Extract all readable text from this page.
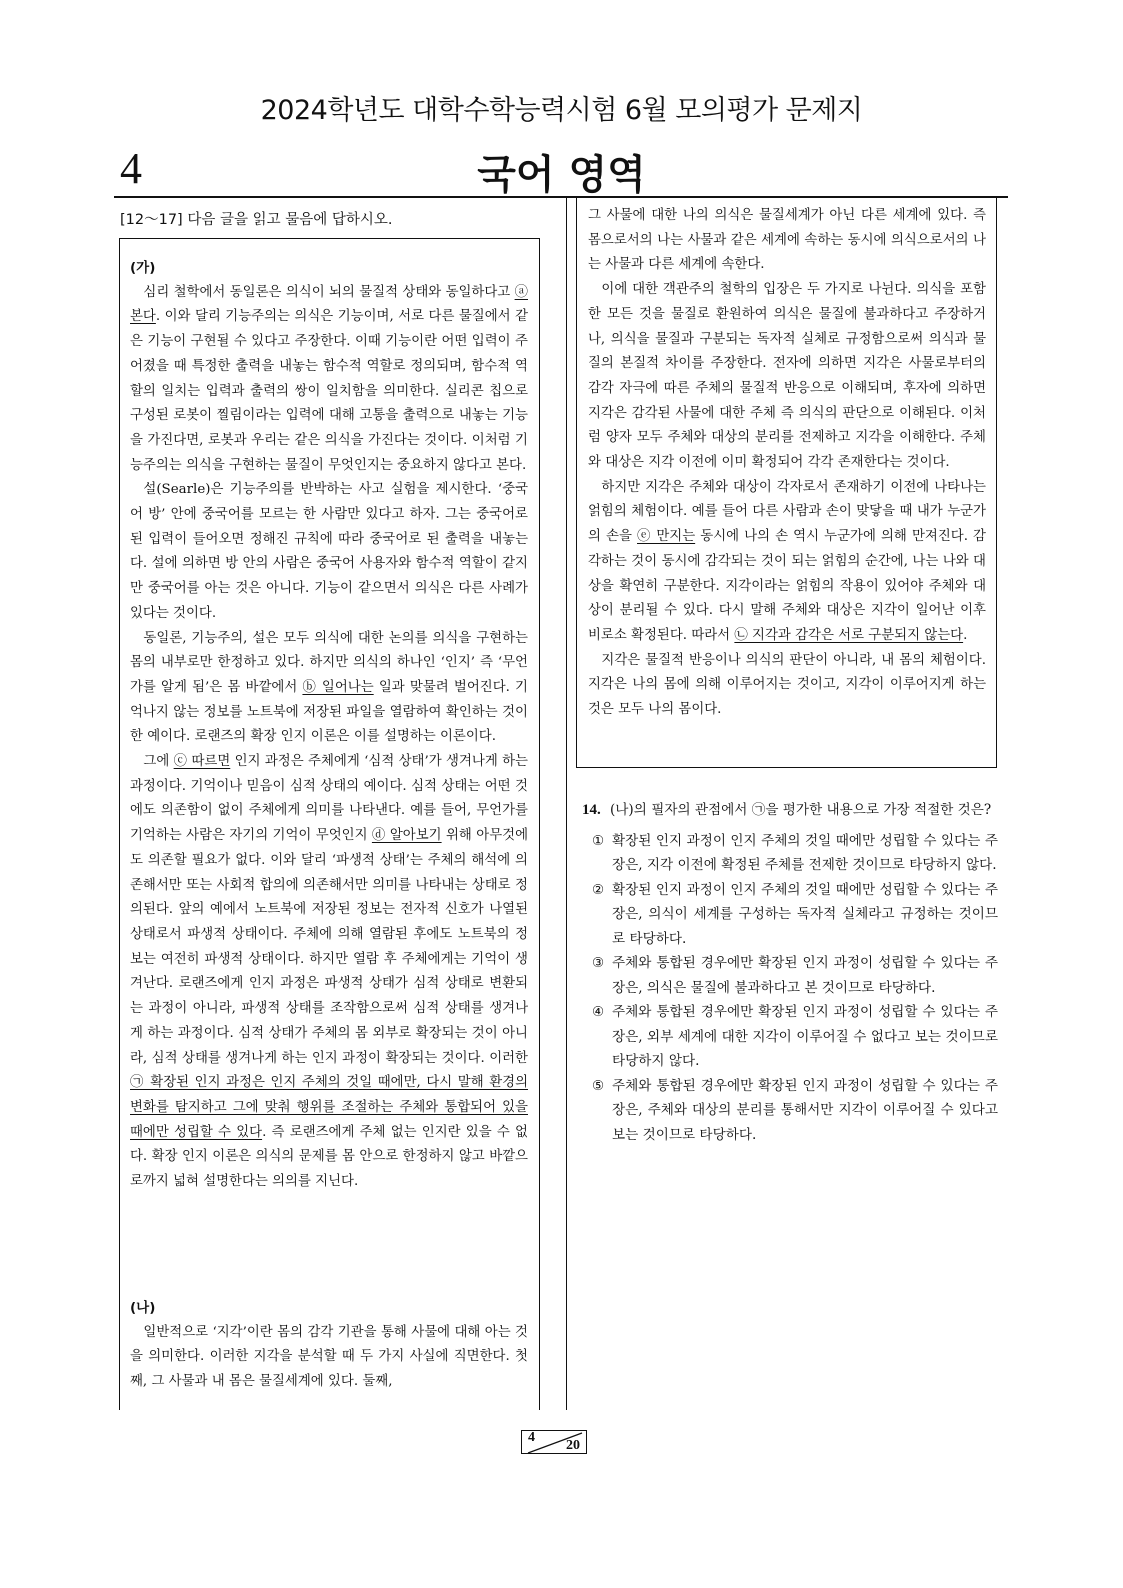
2024학년도 대학수학능력시험 6월 모의평가 문제지
4	국어 영역
[12～17] 다음 글을 읽고 물음에 답하시오.
(가)

심리 철학에서 동일론은 의식이 뇌의 물질적 상태와 동일하다고 ⓐ 본다. 이와 달리 기능주의는 의식은 기능이며, 서로 다른 물질에서 같은 기능이 구현될 수 있다고 주장한다. 이때 기능이란 어떤 입력이 주어졌을 때 특정한 출력을 내놓는 함수적 역할로 정의되며, 함수적 역할의 일치는 입력과 출력의 쌍이 일치함을 의미한다. 실리콘 칩으로 구성된 로봇이 찔림이라는 입력에 대해 고통을 출력으로 내놓는 기능을 가진다면, 로봇과 우리는 같은 의식을 가진다는 것이다. 이처럼 기능주의는 의식을 구현하는 물질이 무엇인지는 중요하지 않다고 본다.

설(Searle)은 기능주의를 반박하는 사고 실험을 제시한다. ‘중국어 방’ 안에 중국어를 모르는 한 사람만 있다고 하자. 그는 중국어로 된 입력이 들어오면 정해진 규칙에 따라 중국어로 된 출력을 내놓는다. 설에 의하면 방 안의 사람은 중국어 사용자와 함수적 역할이 같지만 중국어를 아는 것은 아니다. 기능이 같으면서 의식은 다른 사례가 있다는 것이다.

동일론, 기능주의, 설은 모두 의식에 대한 논의를 의식을 구현하는 몸의 내부로만 한정하고 있다. 하지만 의식의 하나인 ‘인지’ 즉 ‘무언가를 알게 됨’은 몸 바깥에서 ⓑ 일어나는 일과 맞물려 벌어진다. 기억나지 않는 정보를 노트북에 저장된 파일을 열람하여 확인하는 것이 한 예이다. 로랜즈의 확장 인지 이론은 이를 설명하는 이론이다.

그에 ⓒ 따르면 인지 과정은 주체에게 ‘심적 상태’가 생겨나게 하는 과정이다. 기억이나 믿음이 심적 상태의 예이다. 심적 상태는 어떤 것에도 의존함이 없이 주체에게 의미를 나타낸다. 예를 들어, 무언가를 기억하는 사람은 자기의 기억이 무엇인지 ⓓ 알아보기 위해 아무것에도 의존할 필요가 없다. 이와 달리 ‘파생적 상태’는 주체의 해석에 의존해서만 또는 사회적 합의에 의존해서만 의미를 나타내는 상태로 정의된다. 앞의 예에서 노트북에 저장된 정보는 전자적 신호가 나열된 상태로서 파생적 상태이다. 주체에 의해 열람된 후에도 노트북의 정보는 여전히 파생적 상태이다. 하지만 열람 후 주체에게는 기억이 생겨난다. 로랜즈에게 인지 과정은 파생적 상태가 심적 상태로 변환되는 과정이 아니라, 파생적 상태를 조작함으로써 심적 상태를 생겨나게 하는 과정이다. 심적 상태가 주체의 몸 외부로 확장되는 것이 아니라, 심적 상태를 생겨나게 하는 인지 과정이 확장되는 것이다. 이러한 ㉠ 확장된 인지 과정은 인지 주체의 것일 때에만, 다시 말해 환경의 변화를 탐지하고 그에 맞춰 행위를 조절하는 주체와 통합되어 있을 때에만 성립할 수 있다. 즉 로랜즈에게 주체 없는 인지란 있을 수 없다. 확장 인지 이론은 의식의 문제를 몸 안으로 한정하지 않고 바깥으로까지 넓혀 설명한다는 의의를 지닌다.

(나)

일반적으로 ‘지각’이란 몸의 감각 기관을 통해 사물에 대해 아는 것을 의미한다. 이러한 지각을 분석할 때 두 가지 사실에 직면한다. 첫째, 그 사물과 내 몸은 물질세계에 있다. 둘째,

그 사물에 대한 나의 의식은 물질세계가 아닌 다른 세계에 있다. 즉 몸으로서의 나는 사물과 같은 세계에 속하는 동시에 의식으로서의 나는 사물과 다른 세계에 속한다.

이에 대한 객관주의 철학의 입장은 두 가지로 나뉜다. 의식을 포함한 모든 것을 물질로 환원하여 의식은 물질에 불과하다고 주장하거나, 의식을 물질과 구분되는 독자적 실체로 규정함으로써 의식과 물질의 본질적 차이를 주장한다. 전자에 의하면 지각은 사물로부터의 감각 자극에 따른 주체의 물질적 반응으로 이해되며, 후자에 의하면 지각은 감각된 사물에 대한 주체 즉 의식의 판단으로 이해된다. 이처럼 양자 모두 주체와 대상의 분리를 전제하고 지각을 이해한다. 주체와 대상은 지각 이전에 이미 확정되어 각각 존재한다는 것이다.

하지만 지각은 주체와 대상이 각자로서 존재하기 이전에 나타나는 얽힘의 체험이다. 예를 들어 다른 사람과 손이 맞닿을 때 내가 누군가의 손을 ⓔ 만지는 동시에 나의 손 역시 누군가에 의해 만져진다. 감각하는 것이 동시에 감각되는 것이 되는 얽힘의 순간에, 나는 나와 대상을 확연히 구분한다. 지각이라는 얽힘의 작용이 있어야 주체와 대상이 분리될 수 있다. 다시 말해 주체와 대상은 지각이 일어난 이후 비로소 확정된다. 따라서 ㉡ 지각과 감각은 서로 구분되지 않는다.

지각은 물질적 반응이나 의식의 판단이 아니라, 내 몸의 체험이다. 지각은 나의 몸에 의해 이루어지는 것이고, 지각이 이루어지게 하는 것은 모두 나의 몸이다.

14. (나)의 필자의 관점에서 ㉠을 평가한 내용으로 가장 적절한 것은?
① 확장된 인지 과정이 인지 주체의 것일 때에만 성립할 수 있다는 주장은, 지각 이전에 확정된 주체를 전제한 것이므로 타당하지 않다.
② 확장된 인지 과정이 인지 주체의 것일 때에만 성립할 수 있다는 주장은, 의식이 세계를 구성하는 독자적 실체라고 규정하는 것이므로 타당하다.
③ 주체와 통합된 경우에만 확장된 인지 과정이 성립할 수 있다는 주장은, 의식은 물질에 불과하다고 본 것이므로 타당하다.
④ 주체와 통합된 경우에만 확장된 인지 과정이 성립할 수 있다는 주장은, 외부 세계에 대한 지각이 이루어질 수 없다고 보는 것이므로 타당하지 않다.
⑤ 주체와 통합된 경우에만 확장된 인지 과정이 성립할 수 있다는 주장은, 주체와 대상의 분리를 통해서만 지각이 이루어질 수 있다고 보는 것이므로 타당하다.
4
20
